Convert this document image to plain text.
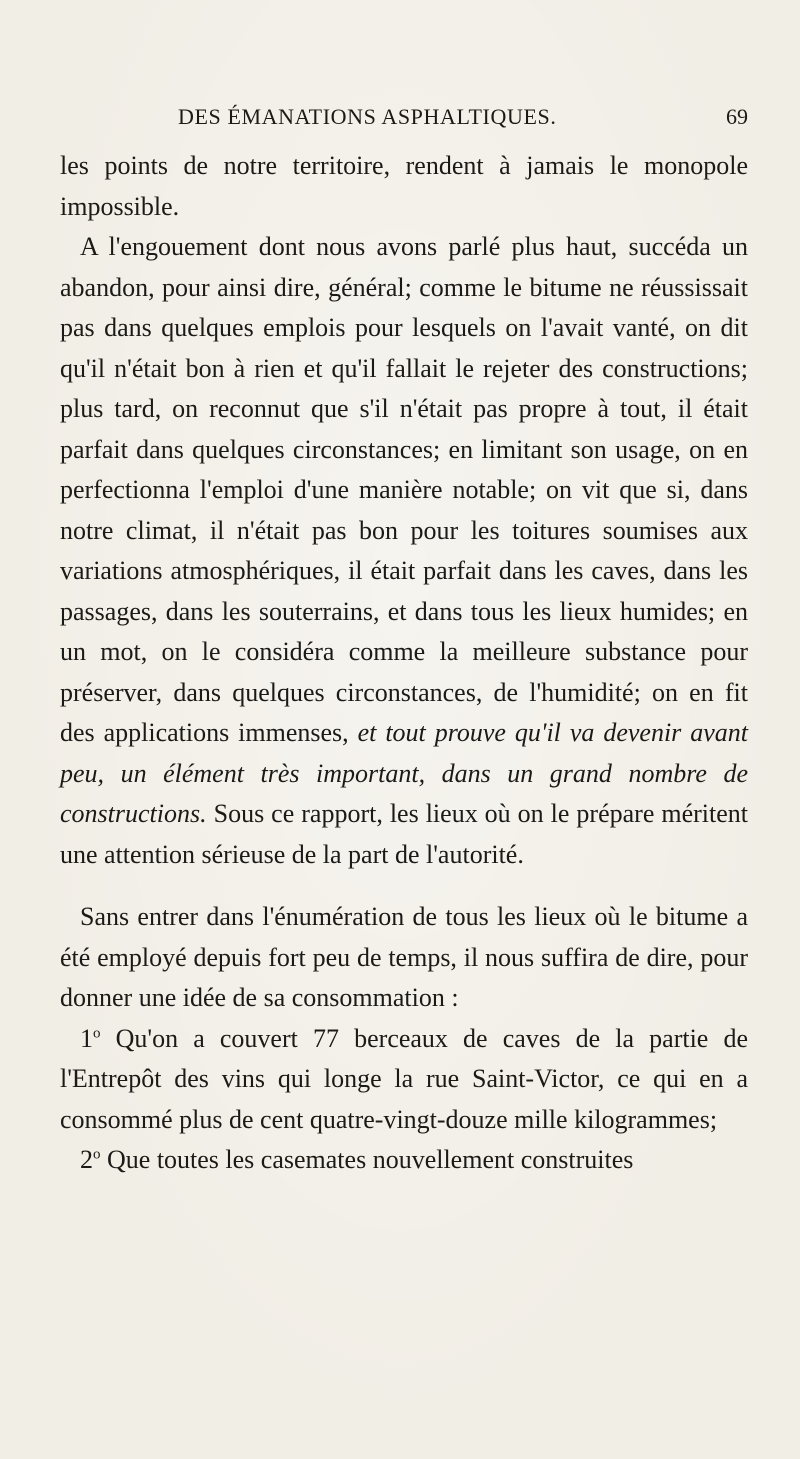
DES ÉMANATIONS ASPHALTIQUES.	69

les points de notre territoire, rendent à jamais le monopole impossible.

A l'engouement dont nous avons parlé plus haut, succéda un abandon, pour ainsi dire, général; comme le bitume ne réussissait pas dans quelques emplois pour lesquels on l'avait vanté, on dit qu'il n'était bon à rien et qu'il fallait le rejeter des constructions; plus tard, on reconnut que s'il n'était pas propre à tout, il était parfait dans quelques circonstances; en limitant son usage, on en perfectionna l'emploi d'une manière notable; on vit que si, dans notre climat, il n'était pas bon pour les toitures soumises aux variations atmosphériques, il était parfait dans les caves, dans les passages, dans les souterrains, et dans tous les lieux humides; en un mot, on le considéra comme la meilleure substance pour préserver, dans quelques circonstances, de l'humidité; on en fit des applications immenses, et tout prouve qu'il va devenir avant peu, un élément très important, dans un grand nombre de constructions. Sous ce rapport, les lieux où on le prépare méritent une attention sérieuse de la part de l'autorité.

Sans entrer dans l'énumération de tous les lieux où le bitume a été employé depuis fort peu de temps, il nous suffira de dire, pour donner une idée de sa consommation :

1$^o$ Qu'on a couvert 77 berceaux de caves de la partie de l'Entrepôt des vins qui longe la rue Saint-Victor, ce qui en a consommé plus de cent quatre-vingt-douze mille kilogrammes;

2$^o$ Que toutes les casemates nouvellement construites
